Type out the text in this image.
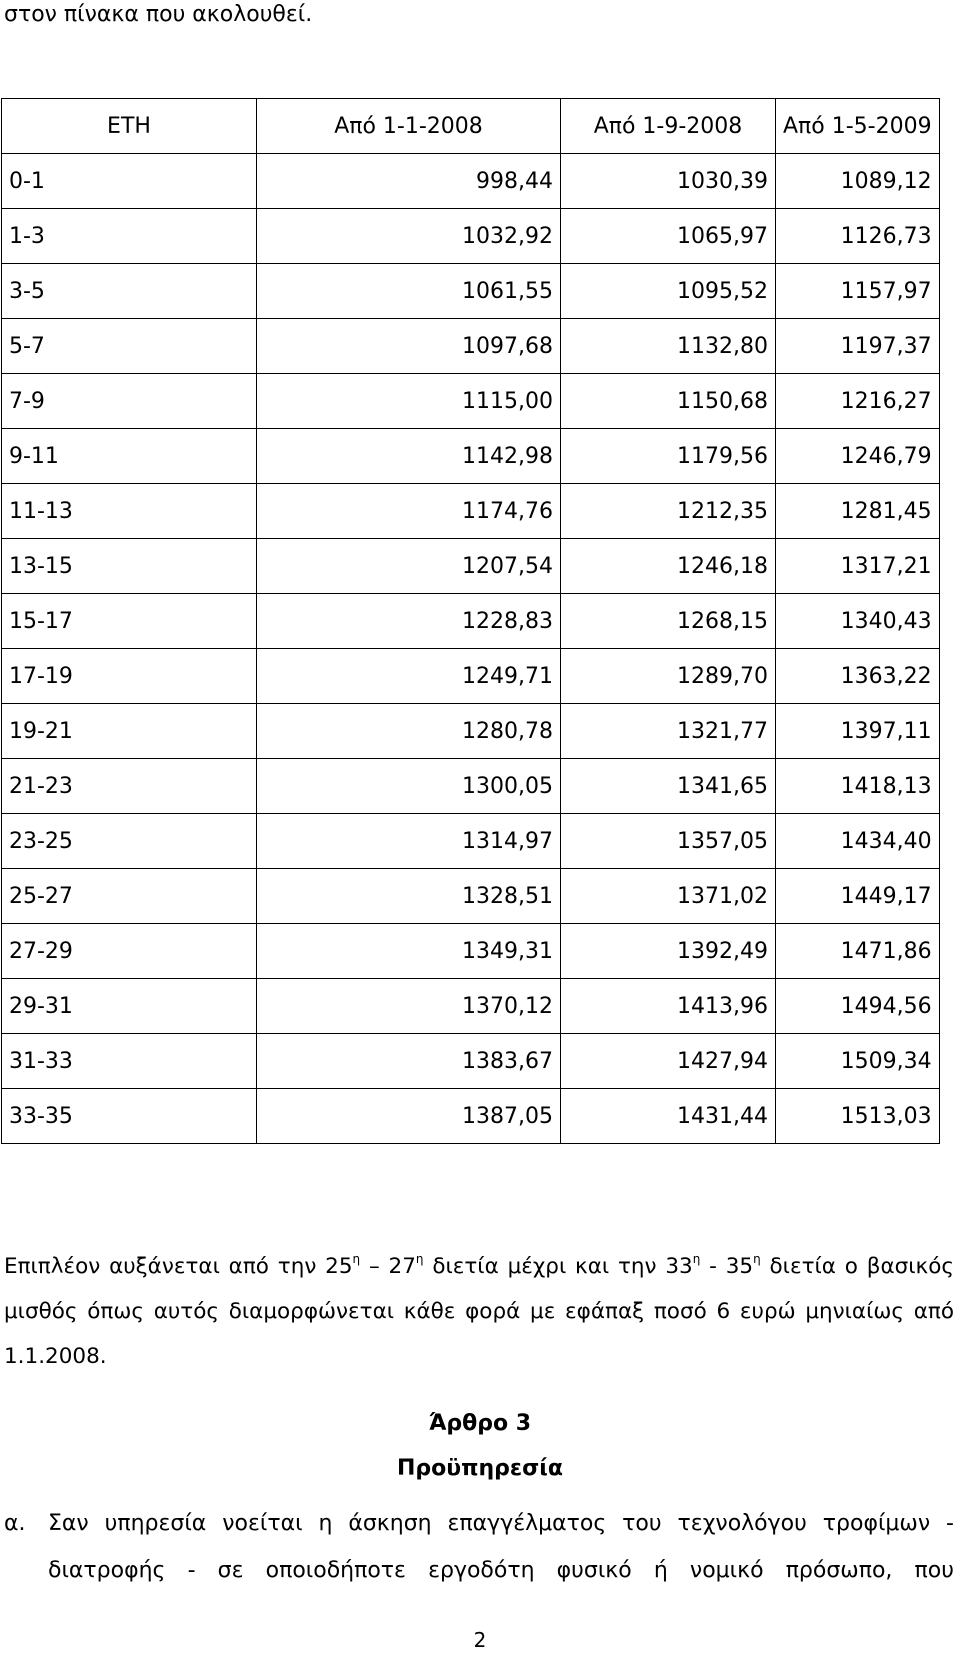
στον πίνακα που ακολουθεί.

ΕΤΗ	Από 1-1-2008	Από 1-9-2008	Από 1-5-2009
0-1	998,44	1030,39	1089,12
1-3	1032,92	1065,97	1126,73
3-5	1061,55	1095,52	1157,97
5-7	1097,68	1132,80	1197,37
7-9	1115,00	1150,68	1216,27
9-11	1142,98	1179,56	1246,79
11-13	1174,76	1212,35	1281,45
13-15	1207,54	1246,18	1317,21
15-17	1228,83	1268,15	1340,43
17-19	1249,71	1289,70	1363,22
19-21	1280,78	1321,77	1397,11
21-23	1300,05	1341,65	1418,13
23-25	1314,97	1357,05	1434,40
25-27	1328,51	1371,02	1449,17
27-29	1349,31	1392,49	1471,86
29-31	1370,12	1413,96	1494,56
31-33	1383,67	1427,94	1509,34
33-35	1387,05	1431,44	1513,03

Επιπλέον αυξάνεται από την $25^\eta - 27^\eta$ διετία μέχρι και την $33^\eta - 35^\eta$ διετία ο βασικός μισθός όπως αυτός διαμορφώνεται κάθε φορά με εφάπαξ ποσό 6 ευρώ μηνιαίως από 1.1.2008.

Άρθρο 3

Προϋπηρεσία

α. Σαν υπηρεσία νοείται η άσκηση επαγγέλματος του τεχνολόγου τροφίμων - διατροφής - σε οποιοδήποτε εργοδότη φυσικό ή νομικό πρόσωπο, που

2
